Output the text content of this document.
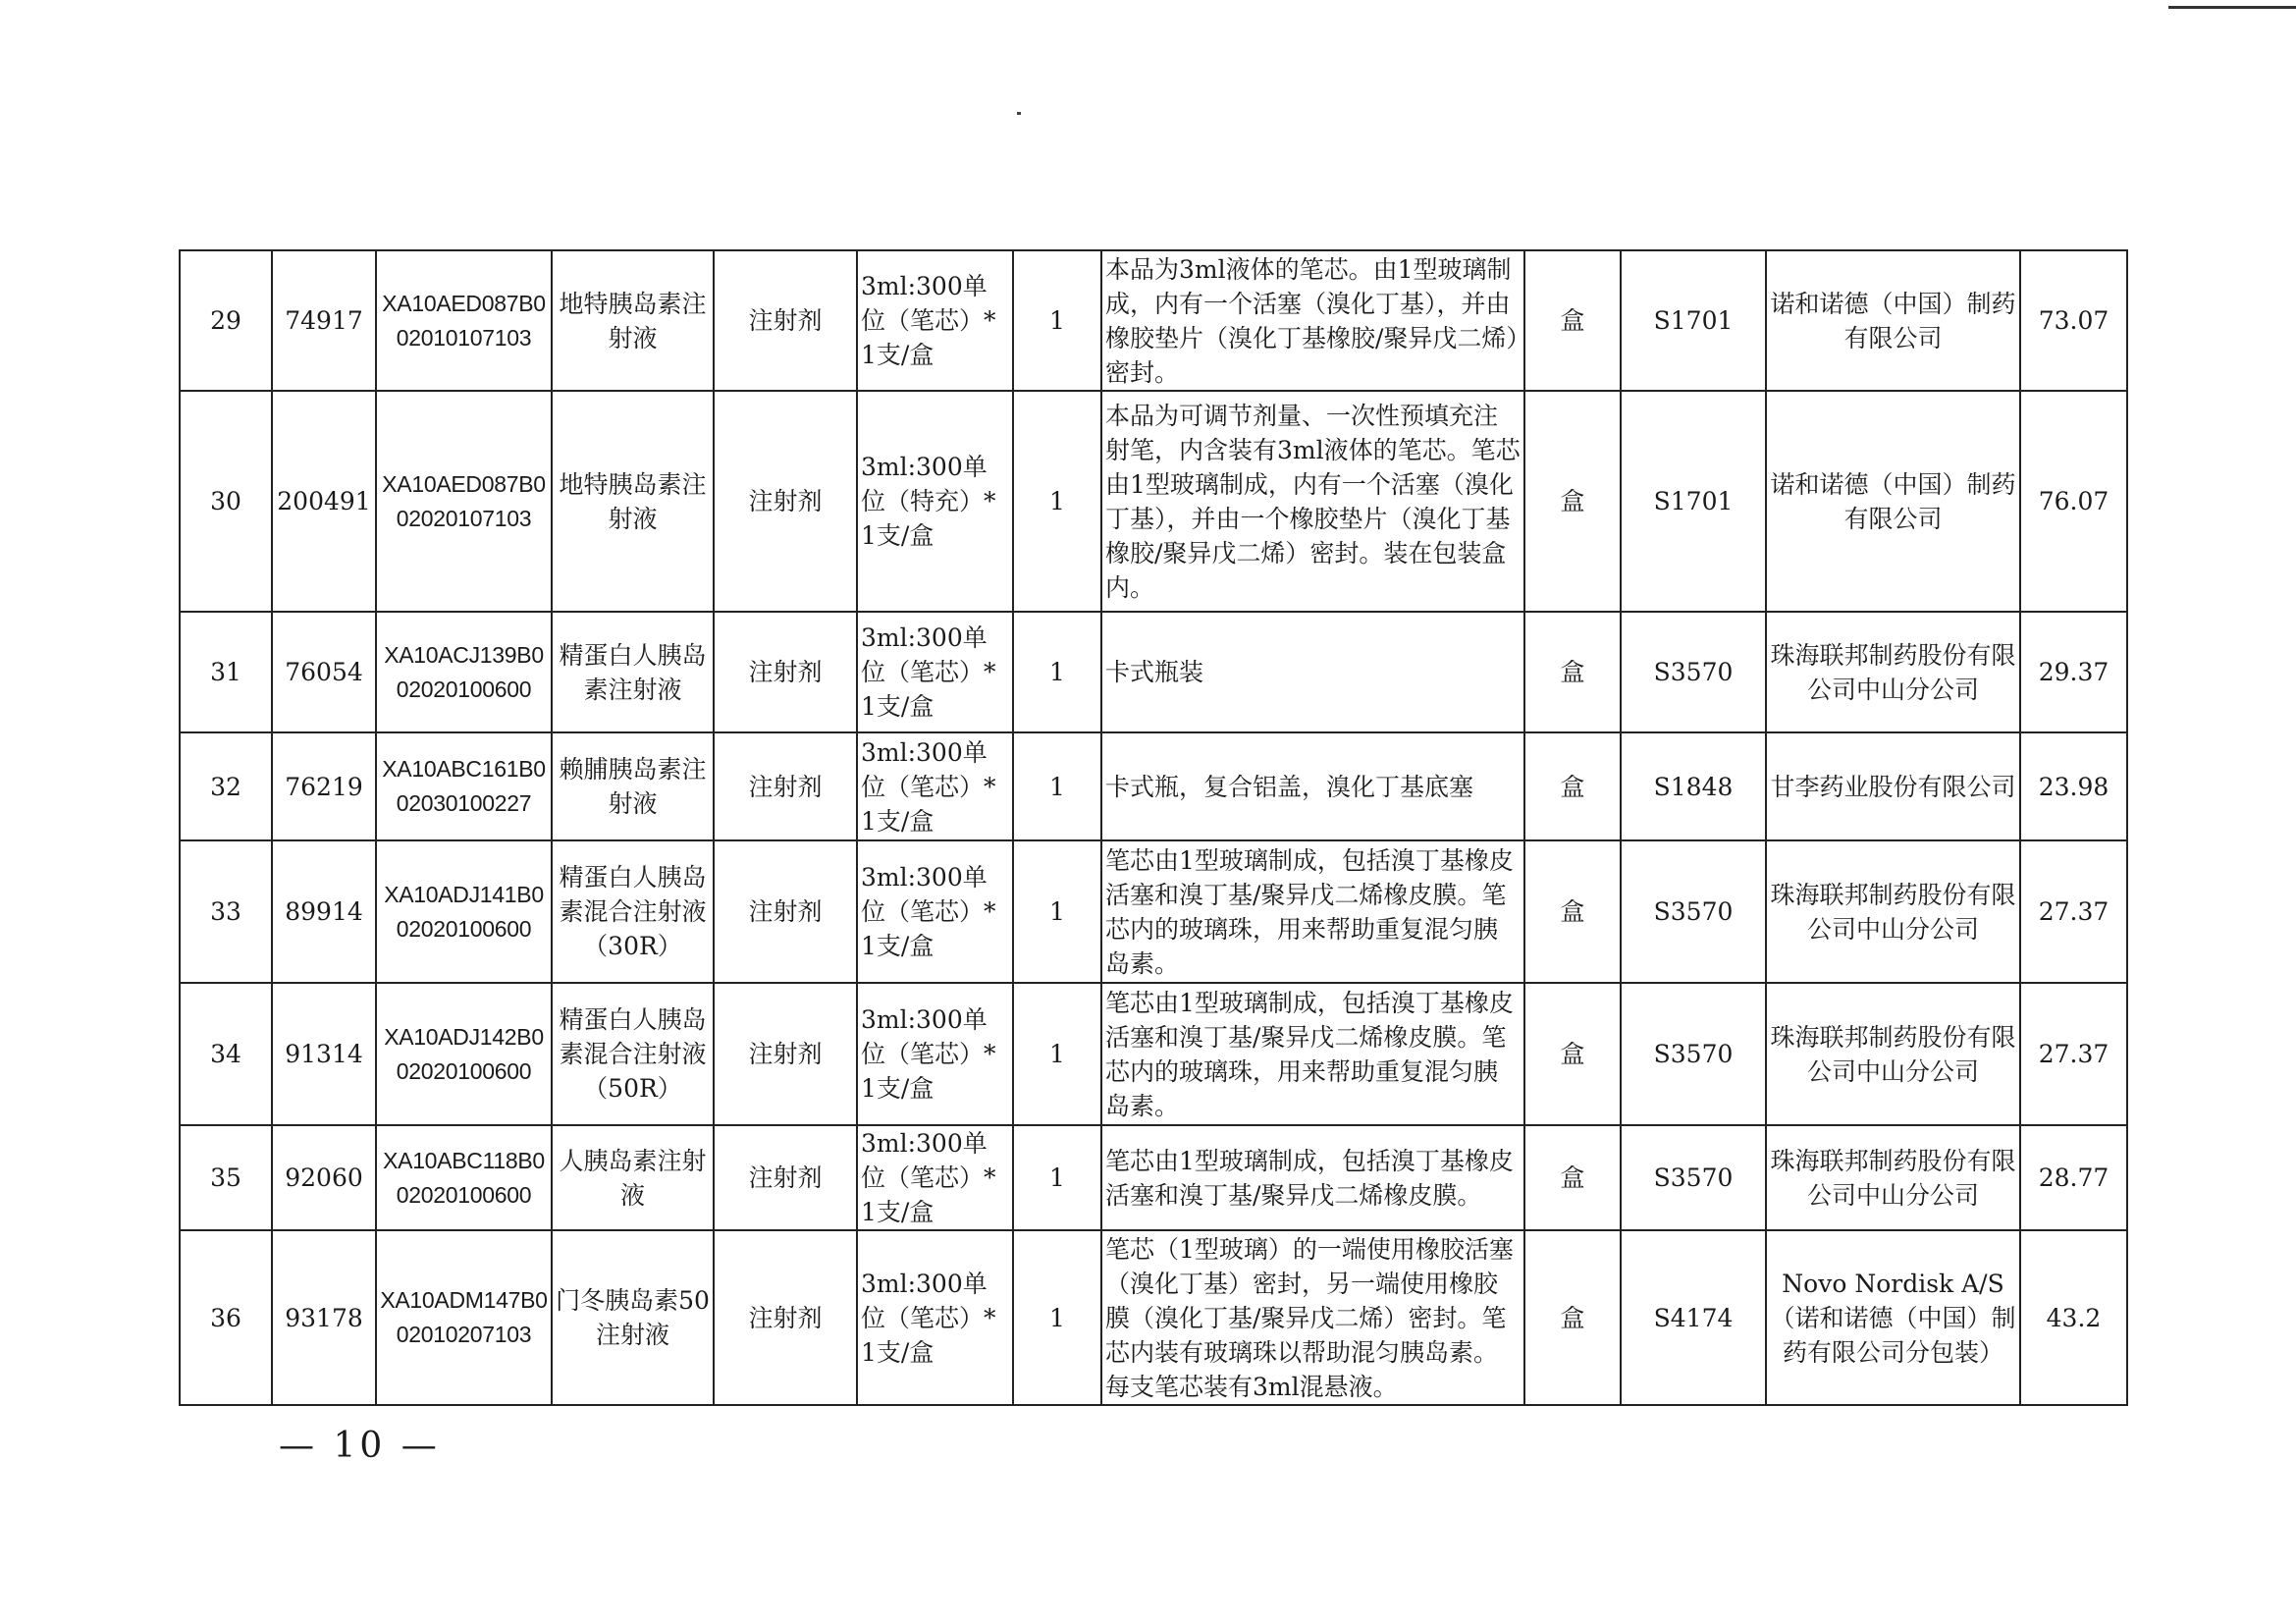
29	74917	XA10AED087B002010107103	地特胰岛素注射液	注射剂	3ml:300单位（笔芯）*1支/盒	1	本品为3ml液体的笔芯。由1型玻璃制成，内有一个活塞（溴化丁基），并由橡胶垫片（溴化丁基橡胶/聚异戊二烯）密封。	盒	S1701	诺和诺德（中国）制药有限公司	73.07
30	200491	XA10AED087B002020107103	地特胰岛素注射液	注射剂	3ml:300单位（特充）*1支/盒	1	本品为可调节剂量、一次性预填充注射笔，内含装有3ml液体的笔芯。笔芯由1型玻璃制成，内有一个活塞（溴化丁基），并由一个橡胶垫片（溴化丁基橡胶/聚异戊二烯）密封。装在包装盒内。	盒	S1701	诺和诺德（中国）制药有限公司	76.07
31	76054	XA10ACJ139B002020100600	精蛋白人胰岛素注射液	注射剂	3ml:300单位（笔芯）*1支/盒	1	卡式瓶装	盒	S3570	珠海联邦制药股份有限公司中山分公司	29.37
32	76219	XA10ABC161B002030100227	赖脯胰岛素注射液	注射剂	3ml:300单位（笔芯）*1支/盒	1	卡式瓶，复合铝盖，溴化丁基底塞	盒	S1848	甘李药业股份有限公司	23.98
33	89914	XA10ADJ141B002020100600	精蛋白人胰岛素混合注射液（30R）	注射剂	3ml:300单位（笔芯）*1支/盒	1	笔芯由1型玻璃制成，包括溴丁基橡皮活塞和溴丁基/聚异戊二烯橡皮膜。笔芯内的玻璃珠，用来帮助重复混匀胰岛素。	盒	S3570	珠海联邦制药股份有限公司中山分公司	27.37
34	91314	XA10ADJ142B002020100600	精蛋白人胰岛素混合注射液（50R）	注射剂	3ml:300单位（笔芯）*1支/盒	1	笔芯由1型玻璃制成，包括溴丁基橡皮活塞和溴丁基/聚异戊二烯橡皮膜。笔芯内的玻璃珠，用来帮助重复混匀胰岛素。	盒	S3570	珠海联邦制药股份有限公司中山分公司	27.37
35	92060	XA10ABC118B002020100600	人胰岛素注射液	注射剂	3ml:300单位（笔芯）*1支/盒	1	笔芯由1型玻璃制成，包括溴丁基橡皮活塞和溴丁基/聚异戊二烯橡皮膜。	盒	S3570	珠海联邦制药股份有限公司中山分公司	28.77
36	93178	XA10ADM147B002010207103	门冬胰岛素50注射液	注射剂	3ml:300单位（笔芯）*1支/盒	1	笔芯（1型玻璃）的一端使用橡胶活塞（溴化丁基）密封，另一端使用橡胶膜（溴化丁基/聚异戊二烯）密封。笔芯内装有玻璃珠以帮助混匀胰岛素。每支笔芯装有3ml混悬液。	盒	S4174	Novo Nordisk A/S（诺和诺德（中国）制药有限公司分包装）	43.2
— 10 —
